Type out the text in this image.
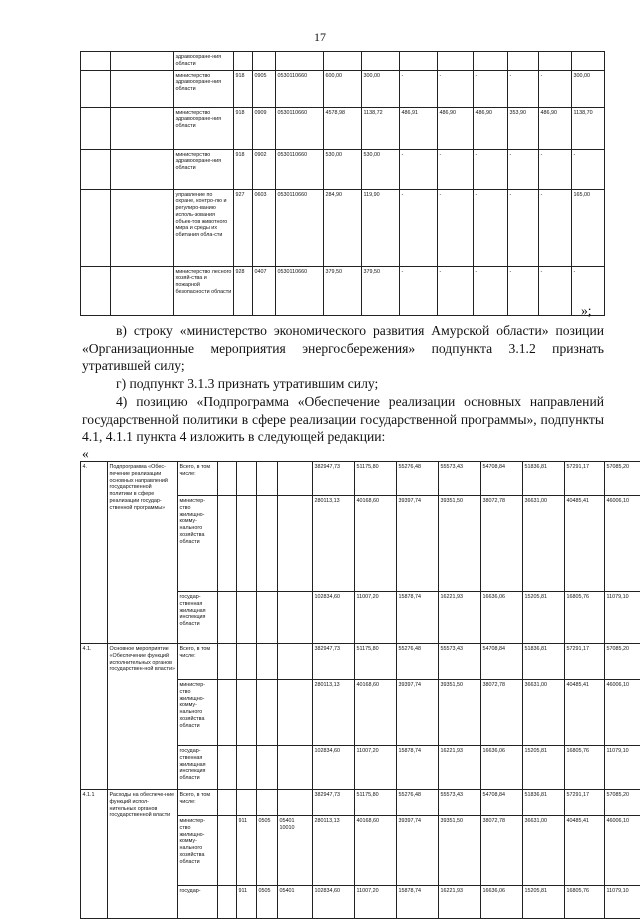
17
		здравоохране-ния области											
		министерство здравоохране-ния области	918	0905	0530110660	600,00	300,00	-	-	-	-	-	300,00
		министерство здравоохране-ния области	918	0909	0530110660	4578,98	1138,72	486,91	486,90	486,90	353,90	486,90	1138,70
		министерство здравоохране-ния области	918	0902	0530110660	530,00	530,00	-	-	-	-	-	-
		управление по охране, контро-лю и регулиро-ванию исполь-зования объек-тов животного мира и среды их обитания обла-сти	927	0603	0530110660	284,90	119,90	-	-	-	-	-	165,00
		министерство лесного хозяй-ства и пожарной безопасности области	928	0407	0530110660	379,50	379,50	-	-	-	-	-	-
»;
в) строку «министерство экономического развития Амурской области» позиции «Организационные мероприятия энергосбережения» подпункта 3.1.2 признать утратившей силу;
г) подпункт 3.1.3 признать утратившим силу;
4) позицию «Подпрограмма «Обеспечение реализации основных направлений государственной политики в сфере реализации государственной программы», подпункты 4.1, 4.1.1 пункта 4 изложить в следующей редакции:
«
4.	Подпрограмма «Обес-печение реализации основных направлений государственной политики в сфере реализации государ-ственной программы»	Всего, в том числе:					382947,73	51175,80	55276,48	55573,43	54708,84	51836,81	57291,17	57085,20
		министер-ство жилищно-комму-нального хозяйства области					280113,13	40168,60	39397,74	39351,50	38072,78	36631,00	40485,41	46006,10
		государ-ственная жилищная инспекция области					102834,60	11007,20	15878,74	16221,93	16636,06	15205,81	16805,76	11079,10
4.1.	Основное мероприятие «Обеспечение функций исполнительных органов государствен-ной власти»	Всего, в том числе:					382947,73	51175,80	55276,48	55573,43	54708,84	51836,81	57291,17	57085,20
		министер-ство жилищно-комму-нального хозяйства области					280113,13	40168,60	39397,74	39351,50	38072,78	36631,00	40485,41	46006,10
		государ-ственная жилищная инспекция области					102834,60	11007,20	15878,74	16221,93	16636,06	15205,81	16805,76	11079,10
4.1.1	Расходы на обеспече-ние функций испол-нительных органов государственной власти	Всего, в том числе:					382947,73	51175,80	55276,48	55573,43	54708,84	51836,81	57291,17	57085,20
		министер-ство жилищно-комму-нального хозяйства области		911	0505	05401 10010	280113,13	40168,60	39397,74	39351,50	38072,78	36631,00	40485,41	46006,10
		государ-		911	0505	05401	102834,60	11007,20	15878,74	16221,93	16636,06	15205,81	16805,76	11079,10
